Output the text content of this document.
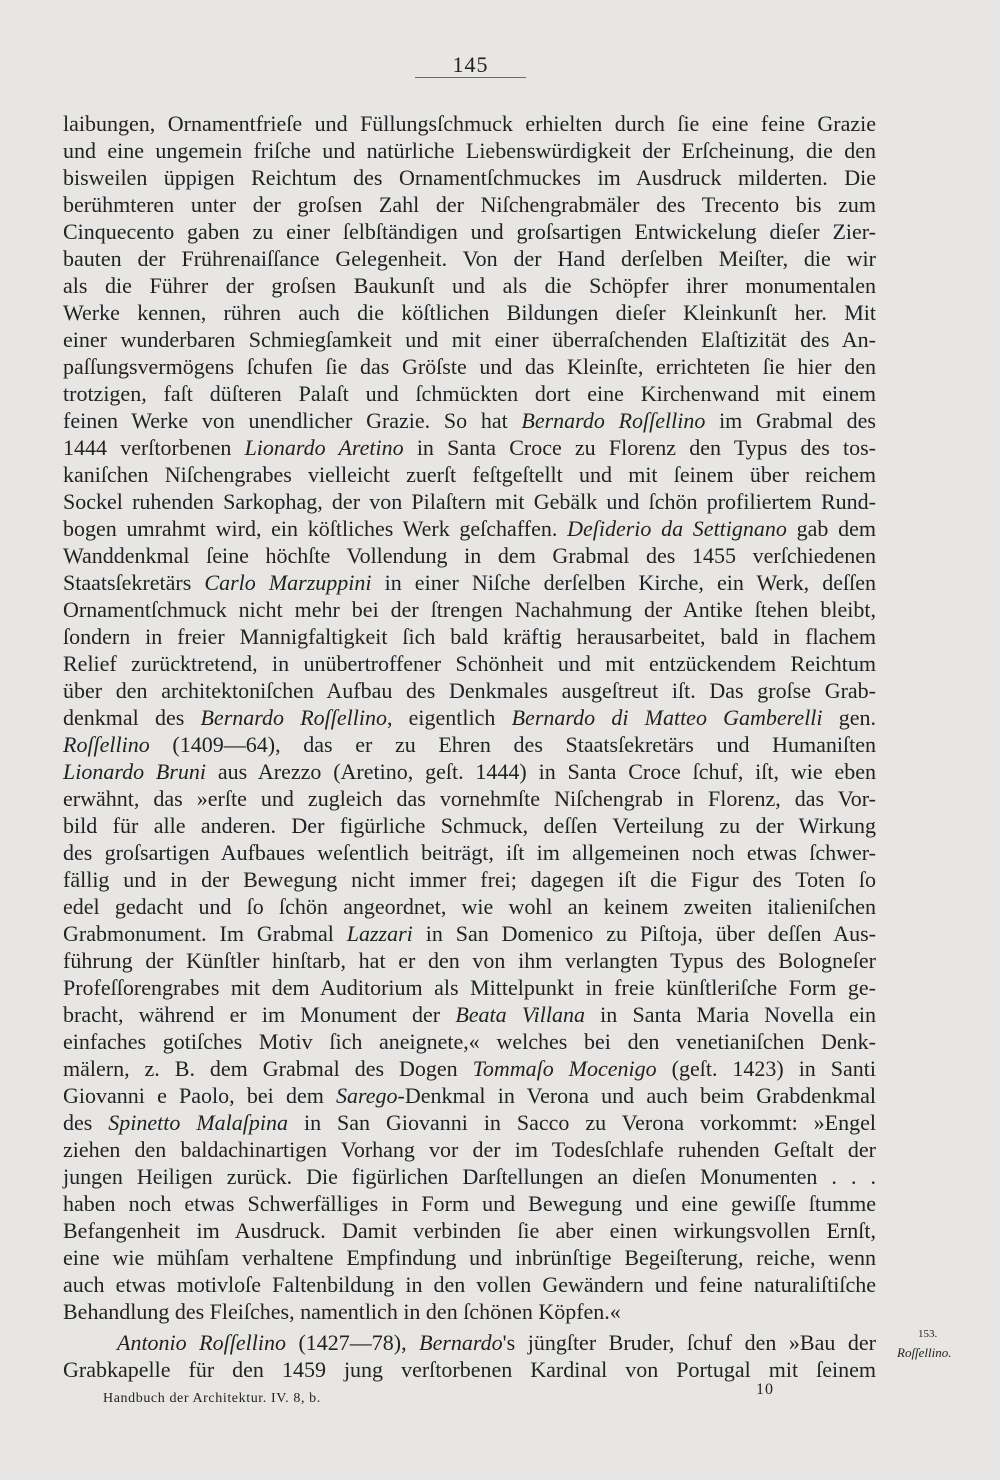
145
laibungen, Ornamentfrieſe und Füllungsſchmuck erhielten durch ſie eine feine Grazie
und eine ungemein friſche und natürliche Liebenswürdigkeit der Erſcheinung, die den
bisweilen üppigen Reichtum des Ornamentſchmuckes im Ausdruck milderten. Die
berühmteren unter der groſsen Zahl der Niſchengrabmäler des Trecento bis zum
Cinquecento gaben zu einer ſelbſtändigen und groſsartigen Entwickelung dieſer Zier-
bauten der Frührenaiſſance Gelegenheit. Von der Hand derſelben Meiſter, die wir
als die Führer der groſsen Baukunſt und als die Schöpfer ihrer monumentalen
Werke kennen, rühren auch die köſtlichen Bildungen dieſer Kleinkunſt her. Mit
einer wunderbaren Schmiegſamkeit und mit einer überraſchenden Elaſtizität des An-
paſſungsvermögens ſchufen ſie das Gröſste und das Kleinſte, errichteten ſie hier den
trotzigen, faſt düſteren Palaſt und ſchmückten dort eine Kirchenwand mit einem
feinen Werke von unendlicher Grazie. So hat Bernardo Roſſellino im Grabmal des
1444 verſtorbenen Lionardo Aretino in Santa Croce zu Florenz den Typus des tos-
kaniſchen Niſchengrabes vielleicht zuerſt feſtgeſtellt und mit ſeinem über reichem
Sockel ruhenden Sarkophag, der von Pilaſtern mit Gebälk und ſchön profiliertem Rund-
bogen umrahmt wird, ein köſtliches Werk geſchaffen. Deſiderio da Settignano gab dem
Wanddenkmal ſeine höchſte Vollendung in dem Grabmal des 1455 verſchiedenen
Staatsſekretärs Carlo Marzuppini in einer Niſche derſelben Kirche, ein Werk, deſſen
Ornamentſchmuck nicht mehr bei der ſtrengen Nachahmung der Antike ſtehen bleibt,
ſondern in freier Mannigfaltigkeit ſich bald kräftig herausarbeitet, bald in flachem
Relief zurücktretend, in unübertroffener Schönheit und mit entzückendem Reichtum
über den architektoniſchen Aufbau des Denkmales ausgeſtreut iſt. Das groſse Grab-
denkmal des Bernardo Roſſellino, eigentlich Bernardo di Matteo Gamberelli gen.
Roſſellino (1409—64), das er zu Ehren des Staatsſekretärs und Humaniſten
Lionardo Bruni aus Arezzo (Aretino, geſt. 1444) in Santa Croce ſchuf, iſt, wie eben
erwähnt, das »erſte und zugleich das vornehmſte Niſchengrab in Florenz, das Vor-
bild für alle anderen. Der figürliche Schmuck, deſſen Verteilung zu der Wirkung
des groſsartigen Aufbaues weſentlich beiträgt, iſt im allgemeinen noch etwas ſchwer-
fällig und in der Bewegung nicht immer frei; dagegen iſt die Figur des Toten ſo
edel gedacht und ſo ſchön angeordnet, wie wohl an keinem zweiten italieniſchen
Grabmonument. Im Grabmal Lazzari in San Domenico zu Piſtoja, über deſſen Aus-
führung der Künſtler hinſtarb, hat er den von ihm verlangten Typus des Bologneſer
Profeſſorengrabes mit dem Auditorium als Mittelpunkt in freie künſtleriſche Form ge-
bracht, während er im Monument der Beata Villana in Santa Maria Novella ein
einfaches gotiſches Motiv ſich aneignete,« welches bei den venetianiſchen Denk-
mälern, z. B. dem Grabmal des Dogen Tommaſo Mocenigo (geſt. 1423) in Santi
Giovanni e Paolo, bei dem Sarego-Denkmal in Verona und auch beim Grabdenkmal
des Spinetto Malaſpina in San Giovanni in Sacco zu Verona vorkommt: »Engel
ziehen den baldachinartigen Vorhang vor der im Todesſchlafe ruhenden Geſtalt der
jungen Heiligen zurück. Die figürlichen Darſtellungen an dieſen Monumenten . . .
haben noch etwas Schwerfälliges in Form und Bewegung und eine gewiſſe ſtumme
Befangenheit im Ausdruck. Damit verbinden ſie aber einen wirkungsvollen Ernſt,
eine wie mühſam verhaltene Empfindung und inbrünſtige Begeiſterung, reiche, wenn
auch etwas motivloſe Faltenbildung in den vollen Gewändern und feine naturaliſtiſche
Behandlung des Fleiſches, namentlich in den ſchönen Köpfen.«
Antonio Roſſellino (1427—78), Bernardo's jüngſter Bruder, ſchuf den »Bau der
Grabkapelle für den 1459 jung verſtorbenen Kardinal von Portugal mit ſeinem
153.
Roſſellino.
Handbuch der Architektur. IV. 8, b.
10
